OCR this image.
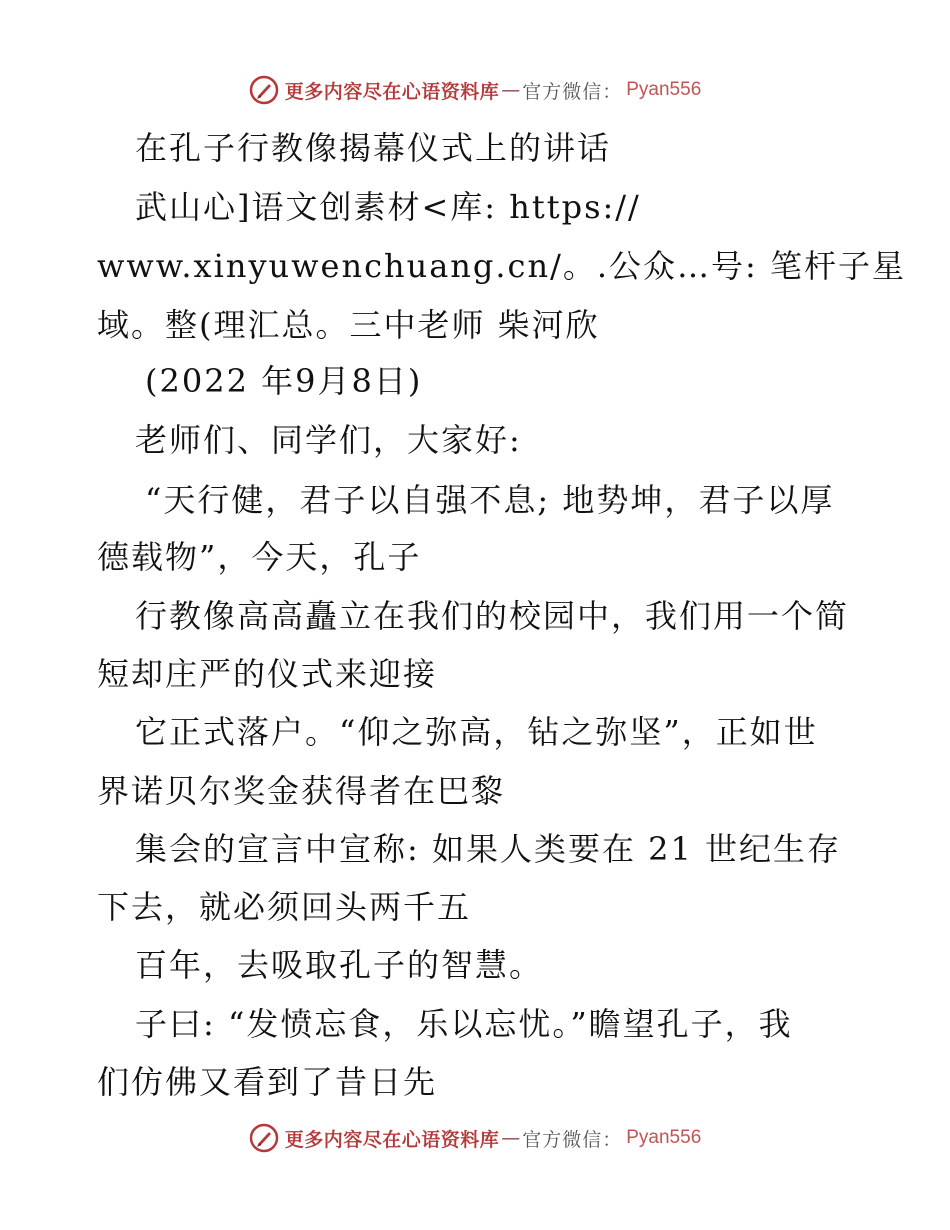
更多内容尽在心语资料库 — 官方微信： Pyan556
在孔子行教像揭幕仪式上的讲话
武山心]语文创素材<库: https://
www.xinyuwenchuang.cn/。.公众…号: 笔杆子星
域。整(理汇总。三中老师 柴河欣
(2022 年9月8日)
老师们、同学们，大家好:
“天行健，君子以自强不息; 地势坤，君子以厚
德载物”，今天，孔子
行教像高高矗立在我们的校园中，我们用一个简
短却庄严的仪式来迎接
它正式落户。“仰之弥高，钻之弥坚”，正如世
界诺贝尔奖金获得者在巴黎
集会的宣言中宣称: 如果人类要在 21 世纪生存
下去，就必须回头两千五
百年，去吸取孔子的智慧。
子曰: “发愤忘食，乐以忘忧。”瞻望孔子，我
们仿佛又看到了昔日先
更多内容尽在心语资料库 — 官方微信： Pyan556
